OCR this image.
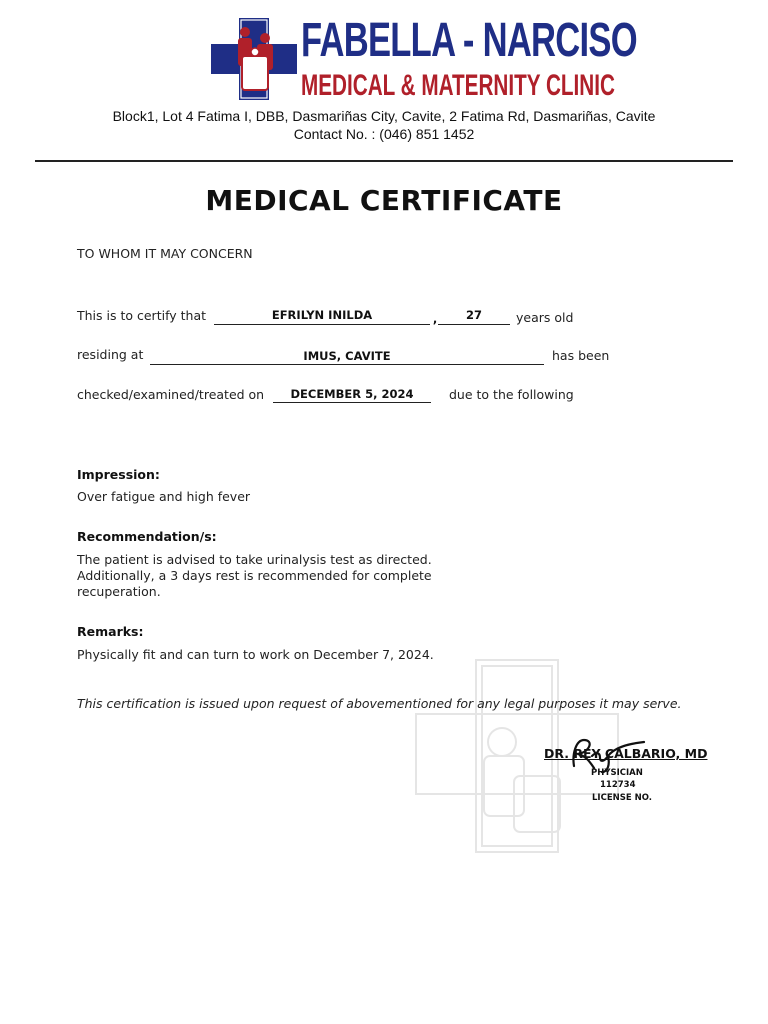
FABELLA - NARCISO
MEDICAL & MATERNITY CLINIC
Block1, Lot 4 Fatima I, DBB, Dasmariñas City, Cavite, 2 Fatima Rd, Dasmariñas, Cavite
Contact No. : (046) 851 1452
MEDICAL CERTIFICATE
TO WHOM IT MAY CONCERN
This is to certify that	EFRILYN INILDA	,	27	years old
residing at	IMUS, CAVITE	has been
checked/examined/treated on	DECEMBER 5, 2024	due to the following
Impression:
Over fatigue and high fever
Recommendation/s:
The patient is advised to take urinalysis test as directed. Additionally, a 3 days rest is recommended for complete recuperation.
Remarks:
Physically fit and can turn to work on December 7, 2024.
This certification is issued upon request of abovementioned for any legal purposes it may serve.
DR. REY CALBARIO, MD
PHYSICIAN
112734
LICENSE NO.
